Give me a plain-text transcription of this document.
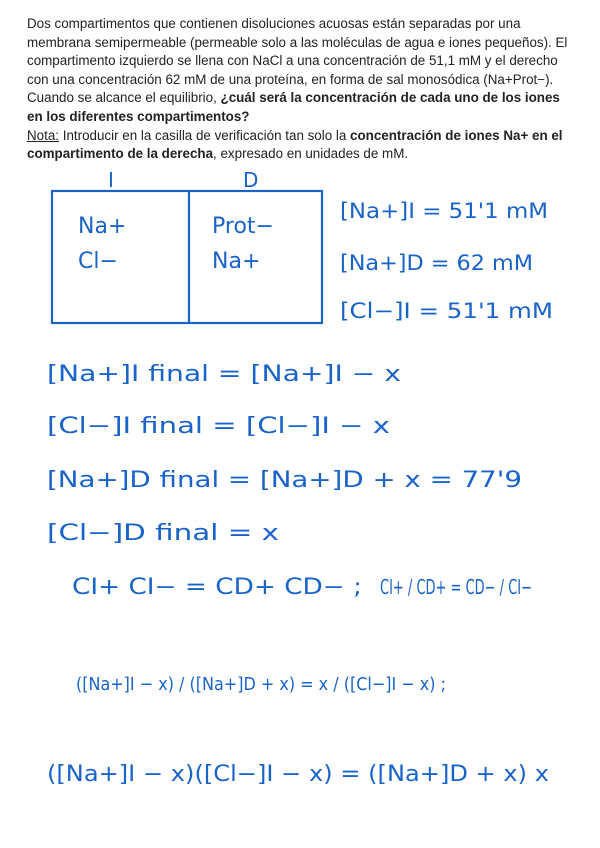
Dos compartimentos que contienen disoluciones acuosas están separadas por una membrana semipermeable (permeable solo a las moléculas de agua e iones pequeños). El compartimento izquierdo se llena con NaCl a una concentración de 51,1 mM y el derecho con una concentración 62 mM de una proteína, en forma de sal monosódica (Na+Prot−). Cuando se alcance el equilibrio, ¿cuál será la concentración de cada uno de los iones en los diferentes compartimentos?
Nota: Introducir en la casilla de verificación tan solo la concentración de iones Na+ en el compartimento de la derecha, expresado en unidades de mM.
I	D
Na+
Cl−
Prot−
Na+
[Na+]I = 51'1 mM
[Na+]D = 62 mM
[Cl−]I = 51'1 mM
[Na+]I final = [Na+]I − x
[Cl−]I final = [Cl−]I − x
[Na+]D final = [Na+]D + x = 77'9
[Cl−]D final = x
CI+ CI− = CD+ CD− ; CI+ / CD+ = CD− / CI−
([Na+]I − x) / ([Na+]D + x) = x / ([Cl−]I − x) ;
([Na+]I − x)([Cl−]I − x) = ([Na+]D + x) x
